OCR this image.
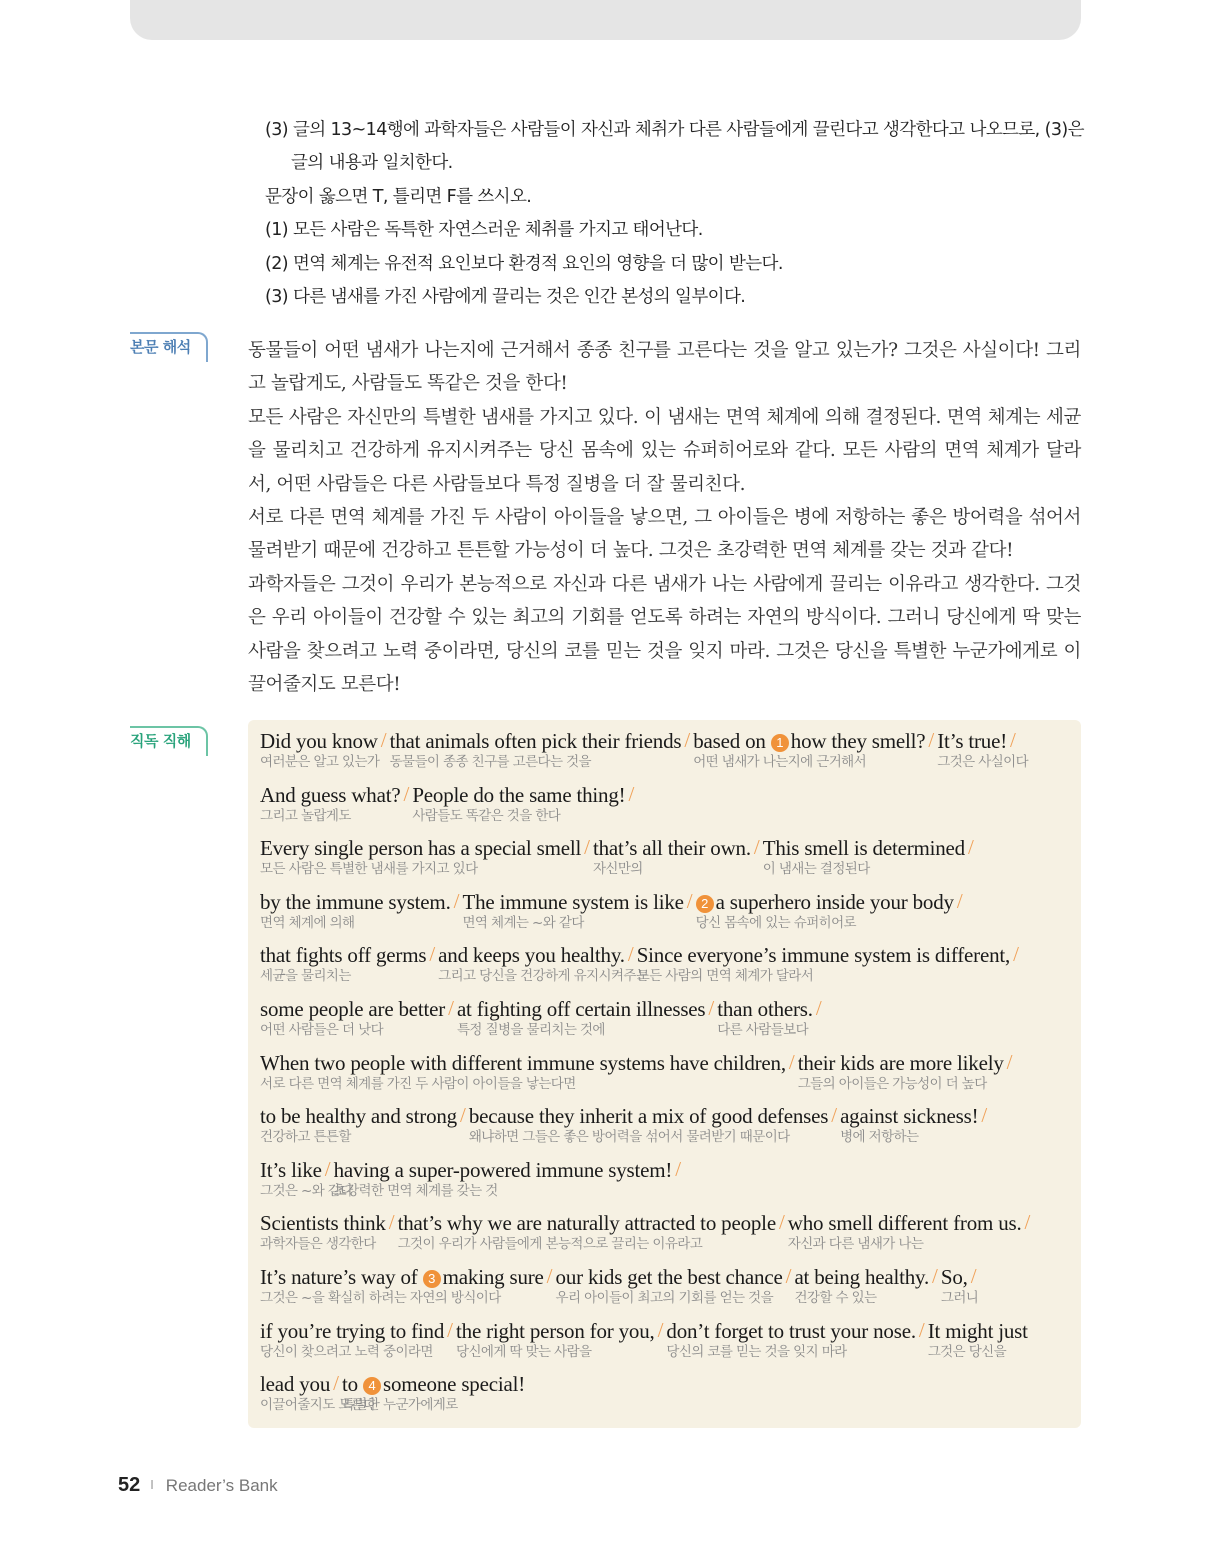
(3) 글의 13~14행에 과학자들은 사람들이 자신과 체취가 다른 사람들에게 끌린다고 생각한다고 나오므로, (3)은
글의 내용과 일치한다.
문장이 옳으면 T, 틀리면 F를 쓰시오.
(1) 모든 사람은 독특한 자연스러운 체취를 가지고 태어난다.
(2) 면역 체계는 유전적 요인보다 환경적 요인의 영향을 더 많이 받는다.
(3) 다른 냄새를 가진 사람에게 끌리는 것은 인간 본성의 일부이다.
본문 해석	동물들이 어떤 냄새가 나는지에 근거해서 종종 친구를 고른다는 것을 알고 있는가? 그것은 사실이다! 그리고 놀랍게도, 사람들도 똑같은 것을 한다!

모든 사람은 자신만의 특별한 냄새를 가지고 있다. 이 냄새는 면역 체계에 의해 결정된다. 면역 체계는 세균을 물리치고 건강하게 유지시켜주는 당신 몸속에 있는 슈퍼히어로와 같다. 모든 사람의 면역 체계가 달라서, 어떤 사람들은 다른 사람들보다 특정 질병을 더 잘 물리친다.

서로 다른 면역 체계를 가진 두 사람이 아이들을 낳으면, 그 아이들은 병에 저항하는 좋은 방어력을 섞어서 물려받기 때문에 건강하고 튼튼할 가능성이 더 높다. 그것은 초강력한 면역 체계를 갖는 것과 같다!

과학자들은 그것이 우리가 본능적으로 자신과 다른 냄새가 나는 사람에게 끌리는 이유라고 생각한다. 그것은 우리 아이들이 건강할 수 있는 최고의 기회를 얻도록 하려는 자연의 방식이다. 그러니 당신에게 딱 맞는 사람을 찾으려고 노력 중이라면, 당신의 코를 믿는 것을 잊지 마라. 그것은 당신을 특별한 누군가에게로 이끌어줄지도 모른다!

직독 직해	Did you know
여러분은 알고 있는가
/ that animals often pick their friends
동물들이 종종 친구를 고른다는 것을
/ based on 1 how they smell?
어떤 냄새가 나는지에 근거해서
/ It’s true!
그것은 사실이다
/
And guess what?
그리고 놀랍게도
/ People do the same thing!
사람들도 똑같은 것을 한다
/
Every single person has a special smell
모든 사람은 특별한 냄새를 가지고 있다
/ that’s all their own.
자신만의
/ This smell is determined
이 냄새는 결정된다
/
by the immune system.
면역 체계에 의해
/ The immune system is like
면역 체계는 ~와 같다
/ 2 a superhero inside your body
당신 몸속에 있는 슈퍼히어로
/
that fights off germs
세균을 물리치는
/ and keeps you healthy.
그리고 당신을 건강하게 유지시켜주는
/ Since everyone’s immune system is different,
모든 사람의 면역 체계가 달라서
/
some people are better
어떤 사람들은 더 낫다
/ at fighting off certain illnesses
특정 질병을 물리치는 것에
/ than others.
다른 사람들보다
/
When two people with different immune systems have children,
서로 다른 면역 체계를 가진 두 사람이 아이들을 낳는다면
/ their kids are more likely
그들의 아이들은 가능성이 더 높다
/
to be healthy and strong
건강하고 튼튼할
/ because they inherit a mix of good defenses
왜냐하면 그들은 좋은 방어력을 섞어서 물려받기 때문이다
/ against sickness!
병에 저항하는
/
It’s like
그것은 ~와 같다
/ having a super-powered immune system!
초강력한 면역 체계를 갖는 것
/
Scientists think
과학자들은 생각한다
/ that’s why we are naturally attracted to people
그것이 우리가 사람들에게 본능적으로 끌리는 이유라고
/ who smell different from us.
자신과 다른 냄새가 나는
/
It’s nature’s way of 3 making sure
그것은 ~을 확실히 하려는 자연의 방식이다
/ our kids get the best chance
우리 아이들이 최고의 기회를 얻는 것을
/ at being healthy.
건강할 수 있는
/ So,
그러니
/
if you’re trying to find
당신이 찾으려고 노력 중이라면
/ the right person for you,
당신에게 딱 맞는 사람을
/ don’t forget to trust your nose.
당신의 코를 믿는 것을 잊지 마라
/ It might just
그것은 당신을
lead you
이끌어줄지도 모른다
/ to 4 someone special!
특별한 누군가에게로
52 I Reader’s Bank
